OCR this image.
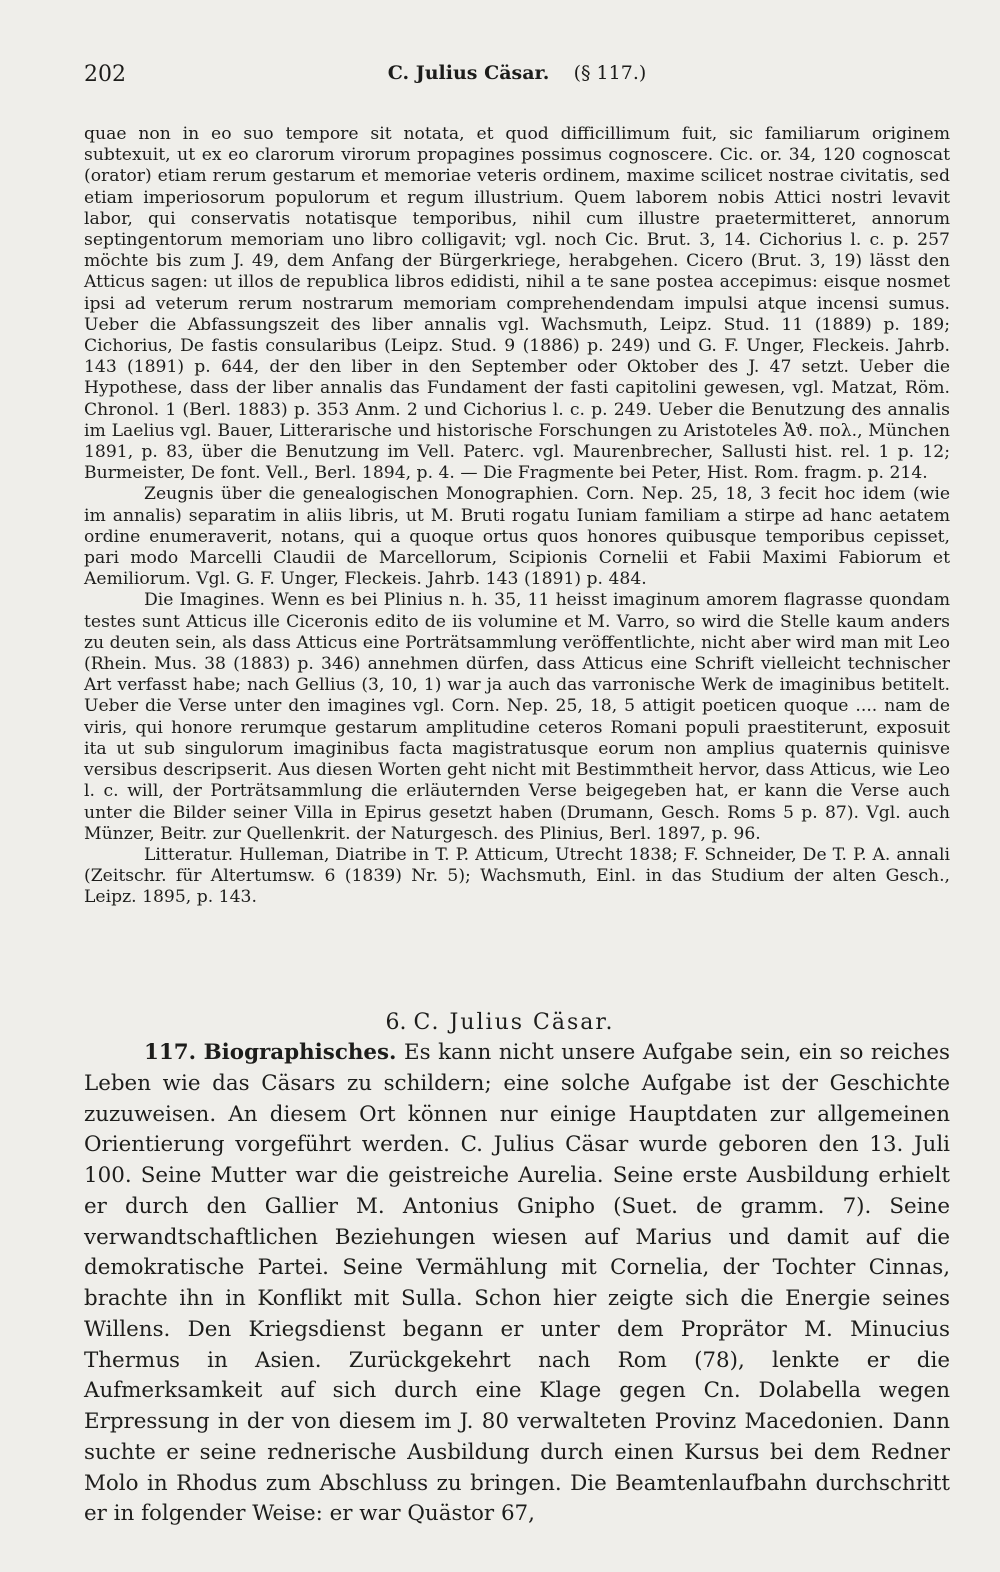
202	C. Julius Cäsar. (§ 117.)

quae non in eo suo tempore sit notata, et quod difficillimum fuit, sic familiarum originem subtexuit, ut ex eo clarorum virorum propagines possimus cognoscere. Cic. or. 34, 120 cognoscat (orator) etiam rerum gestarum et memoriae veteris ordinem, maxime scilicet nostrae civitatis, sed etiam imperiosorum populorum et regum illustrium. Quem laborem nobis Attici nostri levavit labor, qui conservatis notatisque temporibus, nihil cum illustre praetermitteret, annorum septingentorum memoriam uno libro colligavit; vgl. noch Cic. Brut. 3, 14. Cichorius l. c. p. 257 möchte bis zum J. 49, dem Anfang der Bürgerkriege, herabgehen. Cicero (Brut. 3, 19) lässt den Atticus sagen: ut illos de republica libros edidisti, nihil a te sane postea accepimus: eisque nosmet ipsi ad veterum rerum nostrarum memoriam comprehendendam impulsi atque incensi sumus. Ueber die Abfassungszeit des liber annalis vgl. Wachsmuth, Leipz. Stud. 11 (1889) p. 189; Cichorius, De fastis consularibus (Leipz. Stud. 9 (1886) p. 249) und G. F. Unger, Fleckeis. Jahrb. 143 (1891) p. 644, der den liber in den September oder Oktober des J. 47 setzt. Ueber die Hypothese, dass der liber annalis das Fundament der fasti capitolini gewesen, vgl. Matzat, Röm. Chronol. 1 (Berl. 1883) p. 353 Anm. 2 und Cichorius l. c. p. 249. Ueber die Benutzung des annalis im Laelius vgl. Bauer, Litterarische und historische Forschungen zu Aristoteles Ἀϑ. πολ., München 1891, p. 83, über die Benutzung im Vell. Paterc. vgl. Maurenbrecher, Sallusti hist. rel. 1 p. 12; Burmeister, De font. Vell., Berl. 1894, p. 4. — Die Fragmente bei Peter, Hist. Rom. fragm. p. 214.

Zeugnis über die genealogischen Monographien. Corn. Nep. 25, 18, 3 fecit hoc idem (wie im annalis) separatim in aliis libris, ut M. Bruti rogatu Iuniam familiam a stirpe ad hanc aetatem ordine enumeraverit, notans, qui a quoque ortus quos honores quibusque temporibus cepisset, pari modo Marcelli Claudii de Marcellorum, Scipionis Cornelii et Fabii Maximi Fabiorum et Aemiliorum. Vgl. G. F. Unger, Fleckeis. Jahrb. 143 (1891) p. 484.

Die Imagines. Wenn es bei Plinius n. h. 35, 11 heisst imaginum amorem flagrasse quondam testes sunt Atticus ille Ciceronis edito de iis volumine et M. Varro, so wird die Stelle kaum anders zu deuten sein, als dass Atticus eine Porträtsammlung veröffentlichte, nicht aber wird man mit Leo (Rhein. Mus. 38 (1883) p. 346) annehmen dürfen, dass Atticus eine Schrift vielleicht technischer Art verfasst habe; nach Gellius (3, 10, 1) war ja auch das varronische Werk de imaginibus betitelt. Ueber die Verse unter den imagines vgl. Corn. Nep. 25, 18, 5 attigit poeticen quoque .... nam de viris, qui honore rerumque gestarum amplitudine ceteros Romani populi praestiterunt, exposuit ita ut sub singulorum imaginibus facta magistratusque eorum non amplius quaternis quinisve versibus descripserit. Aus diesen Worten geht nicht mit Bestimmtheit hervor, dass Atticus, wie Leo l. c. will, der Porträtsammlung die erläuternden Verse beigegeben hat, er kann die Verse auch unter die Bilder seiner Villa in Epirus gesetzt haben (Drumann, Gesch. Roms 5 p. 87). Vgl. auch Münzer, Beitr. zur Quellenkrit. der Naturgesch. des Plinius, Berl. 1897, p. 96.

Litteratur. Hulleman, Diatribe in T. P. Atticum, Utrecht 1838; F. Schneider, De T. P. A. annali (Zeitschr. für Altertumsw. 6 (1839) Nr. 5); Wachsmuth, Einl. in das Studium der alten Gesch., Leipz. 1895, p. 143.

6. C. Julius Cäsar.

117. Biographisches. Es kann nicht unsere Aufgabe sein, ein so reiches Leben wie das Cäsars zu schildern; eine solche Aufgabe ist der Geschichte zuzuweisen. An diesem Ort können nur einige Hauptdaten zur allgemeinen Orientierung vorgeführt werden. C. Julius Cäsar wurde geboren den 13. Juli 100. Seine Mutter war die geistreiche Aurelia. Seine erste Ausbildung erhielt er durch den Gallier M. Antonius Gnipho (Suet. de gramm. 7). Seine verwandtschaftlichen Beziehungen wiesen auf Marius und damit auf die demokratische Partei. Seine Vermählung mit Cornelia, der Tochter Cinnas, brachte ihn in Konflikt mit Sulla. Schon hier zeigte sich die Energie seines Willens. Den Kriegsdienst begann er unter dem Proprätor M. Minucius Thermus in Asien. Zurückgekehrt nach Rom (78), lenkte er die Aufmerksamkeit auf sich durch eine Klage gegen Cn. Dolabella wegen Erpressung in der von diesem im J. 80 verwalteten Provinz Macedonien. Dann suchte er seine rednerische Ausbildung durch einen Kursus bei dem Redner Molo in Rhodus zum Abschluss zu bringen. Die Beamtenlaufbahn durchschritt er in folgender Weise: er war Quästor 67,
